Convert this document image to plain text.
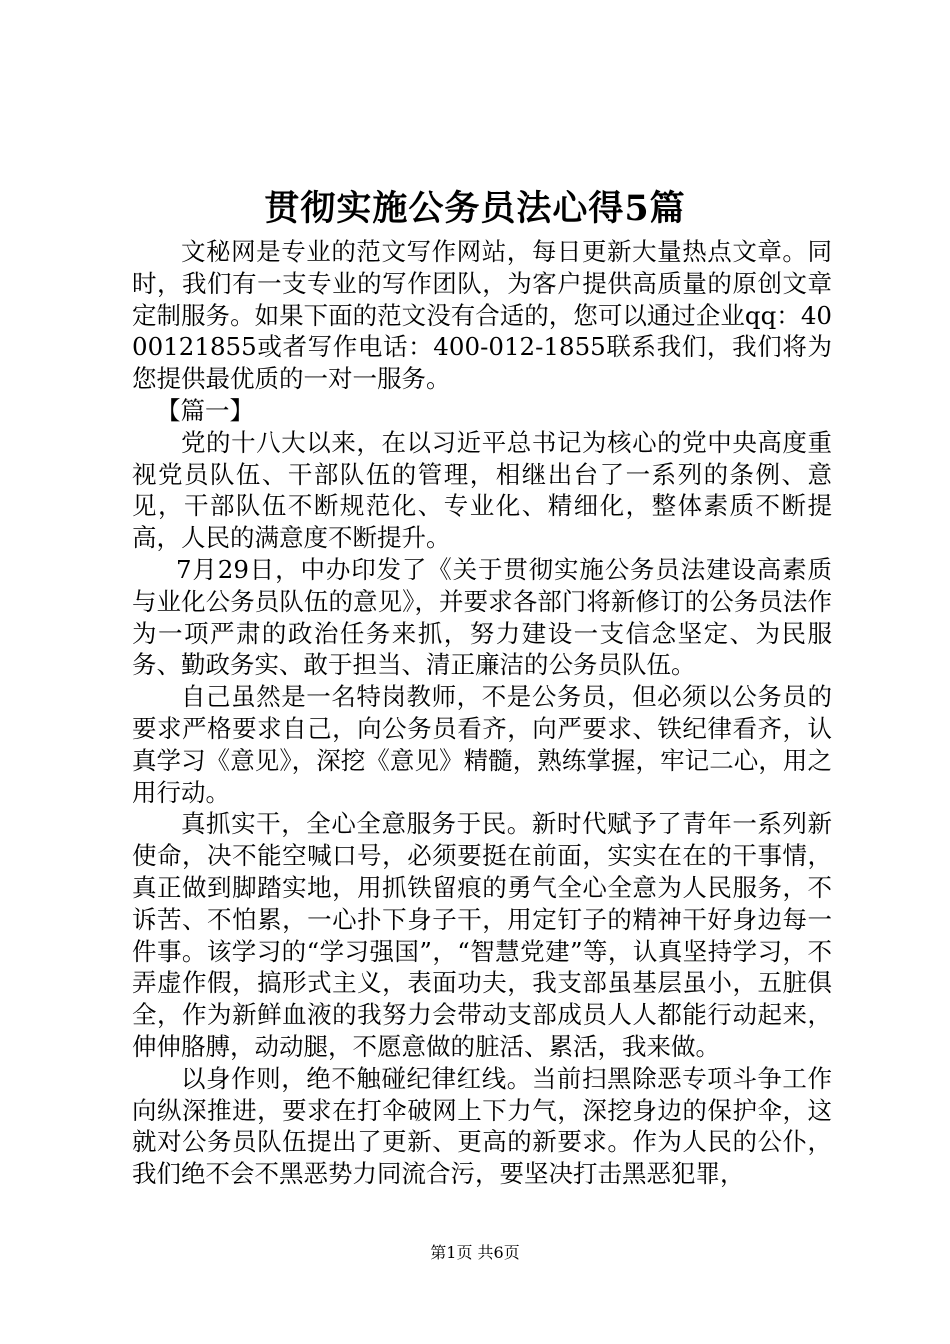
贯彻实施公务员法心得5篇

文秘网是专业的范文写作网站，每日更新大量热点文章。同时，我们有一支专业的写作团队，为客户提供高质量的原创文章定制服务。如果下面的范文没有合适的，您可以通过企业qq：4000121855或者写作电话：400-012-1855联系我们，我们将为您提供最优质的一对一服务。

【篇一】

党的十八大以来，在以习近平总书记为核心的党中央高度重视党员队伍、干部队伍的管理，相继出台了一系列的条例、意见，干部队伍不断规范化、专业化、精细化，整体素质不断提高，人民的满意度不断提升。

7月29日，中办印发了《关于贯彻实施公务员法建设高素质与业化公务员队伍的意见》，并要求各部门将新修订的公务员法作为一项严肃的政治任务来抓，努力建设一支信念坚定、为民服务、勤政务实、敢于担当、清正廉洁的公务员队伍。

自己虽然是一名特岗教师，不是公务员，但必须以公务员的要求严格要求自己，向公务员看齐，向严要求、铁纪律看齐，认真学习《意见》，深挖《意见》精髓，熟练掌握，牢记二心，用之用行动。

真抓实干，全心全意服务于民。新时代赋予了青年一系列新使命，决不能空喊口号，必须要挺在前面，实实在在的干事情，真正做到脚踏实地，用抓铁留痕的勇气全心全意为人民服务，不诉苦、不怕累，一心扑下身子干，用定钉子的精神干好身边每一件事。该学习的“学习强国”，“智慧党建”等，认真坚持学习，不弄虚作假，搞形式主义，表面功夫，我支部虽基层虽小，五脏俱全，作为新鲜血液的我努力会带动支部成员人人都能行动起来，伸伸胳膊，动动腿，不愿意做的脏活、累活，我来做。

以身作则，绝不触碰纪律红线。当前扫黑除恶专项斗争工作向纵深推进，要求在打伞破网上下力气，深挖身边的保护伞，这就对公务员队伍提出了更新、更高的新要求。作为人民的公仆，我们绝不会不黑恶势力同流合污，要坚决打击黑恶犯罪，

第1页 共6页
